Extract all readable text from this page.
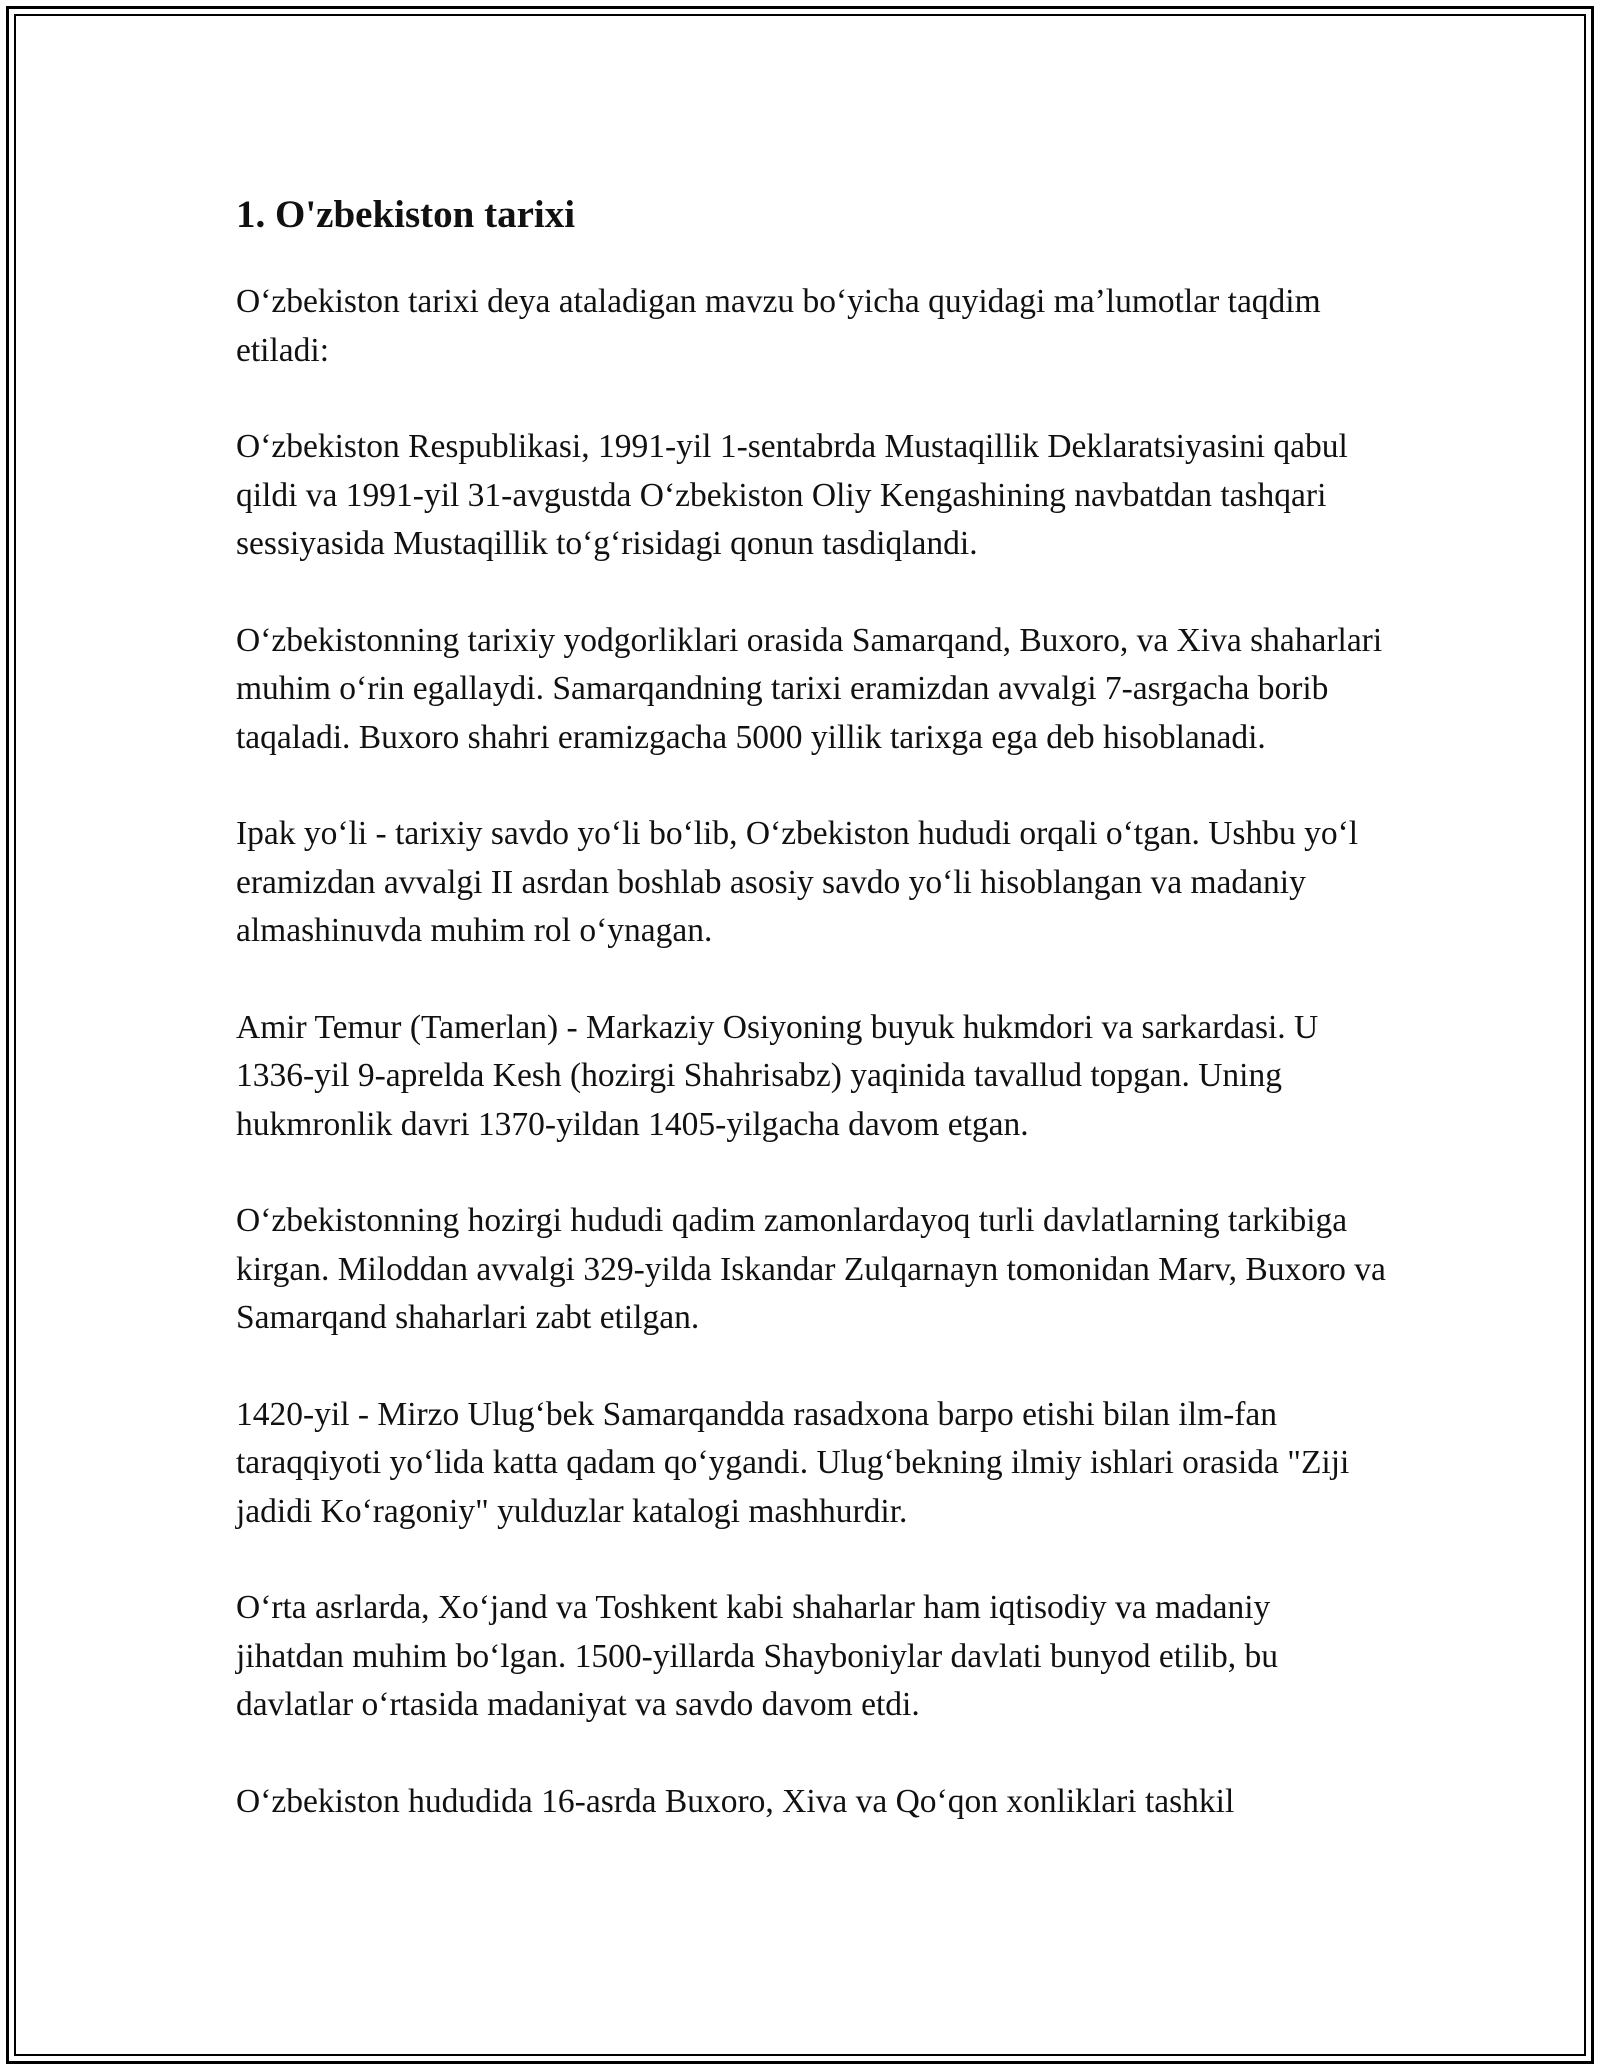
1. O'zbekiston tarixi

O‘zbekiston tarixi deya ataladigan mavzu bo‘yicha quyidagi ma’lumotlar taqdim etiladi:

O‘zbekiston Respublikasi, 1991-yil 1-sentabrda Mustaqillik Deklaratsiyasini qabul qildi va 1991-yil 31-avgustda O‘zbekiston Oliy Kengashining navbatdan tashqari sessiyasida Mustaqillik to‘g‘risidagi qonun tasdiqlandi.

O‘zbekistonning tarixiy yodgorliklari orasida Samarqand, Buxoro, va Xiva shaharlari muhim o‘rin egallaydi. Samarqandning tarixi eramizdan avvalgi 7-asrgacha borib taqaladi. Buxoro shahri eramizgacha 5000 yillik tarixga ega deb hisoblanadi.

Ipak yo‘li - tarixiy savdo yo‘li bo‘lib, O‘zbekiston hududi orqali o‘tgan. Ushbu yo‘l eramizdan avvalgi II asrdan boshlab asosiy savdo yo‘li hisoblangan va madaniy almashinuvda muhim rol o‘ynagan.

Amir Temur (Tamerlan) - Markaziy Osiyoning buyuk hukmdori va sarkardasi. U 1336-yil 9-aprelda Kesh (hozirgi Shahrisabz) yaqinida tavallud topgan. Uning hukmronlik davri 1370-yildan 1405-yilgacha davom etgan.

O‘zbekistonning hozirgi hududi qadim zamonlardayoq turli davlatlarning tarkibiga kirgan. Miloddan avvalgi 329-yilda Iskandar Zulqarnayn tomonidan Marv, Buxoro va Samarqand shaharlari zabt etilgan.

1420-yil - Mirzo Ulug‘bek Samarqandda rasadxona barpo etishi bilan ilm-fan taraqqiyoti yo‘lida katta qadam qo‘ygandi. Ulug‘bekning ilmiy ishlari orasida "Ziji jadidi Ko‘ragoniy" yulduzlar katalogi mashhurdir.

O‘rta asrlarda, Xo‘jand va Toshkent kabi shaharlar ham iqtisodiy va madaniy jihatdan muhim bo‘lgan. 1500-yillarda Shayboniylar davlati bunyod etilib, bu davlatlar o‘rtasida madaniyat va savdo davom etdi.

O‘zbekiston hududida 16-asrda Buxoro, Xiva va Qo‘qon xonliklari tashkil
